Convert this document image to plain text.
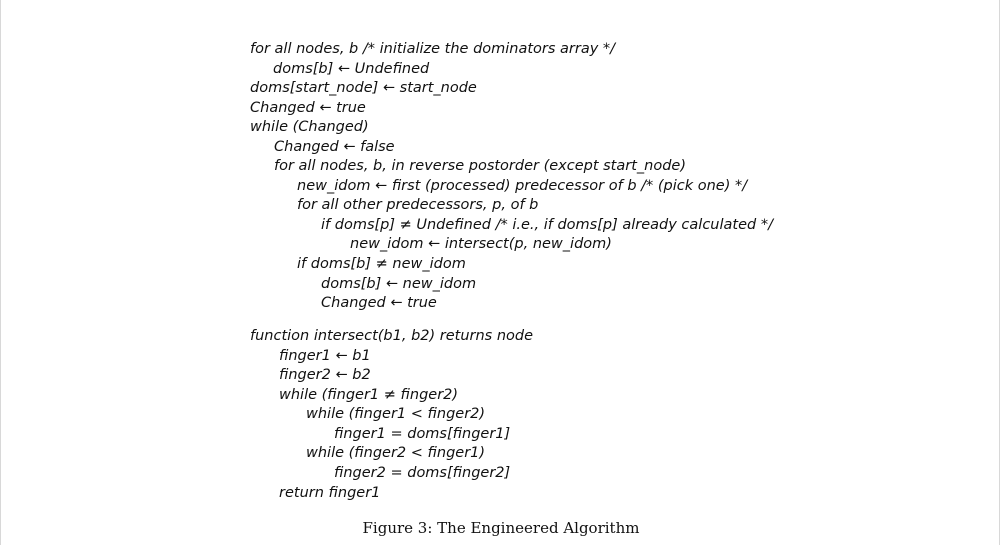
for all nodes, b /* initialize the dominators array */
doms[b] ← Undefined
doms[start_node] ← start_node
Changed ← true
while (Changed)
Changed ← false
for all nodes, b, in reverse postorder (except start_node)
new_idom ← first (processed) predecessor of b /* (pick one) */
for all other predecessors, p, of b
if doms[p] ≠ Undefined /* i.e., if doms[p] already calculated */
new_idom ← intersect(p, new_idom)
if doms[b] ≠ new_idom
doms[b] ← new_idom
Changed ← true
function intersect(b1, b2) returns node
finger1 ← b1
finger2 ← b2
while (finger1 ≠ finger2)
while (finger1 < finger2)
finger1 = doms[finger1]
while (finger2 < finger1)
finger2 = doms[finger2]
return finger1
Figure 3: The Engineered Algorithm
